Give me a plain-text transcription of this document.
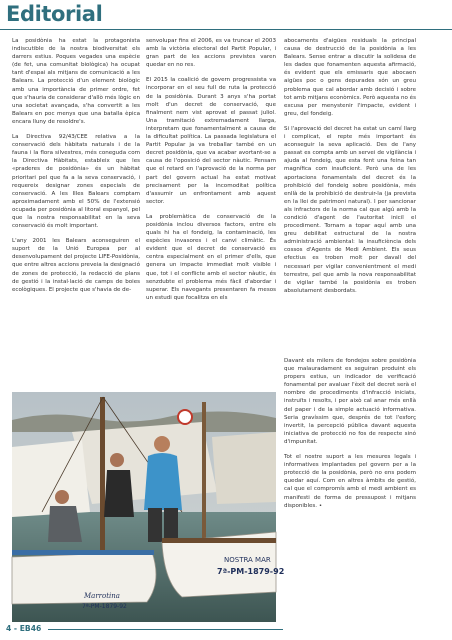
Editorial

La posidònia ha estat la protagonista indiscutible de la nostra biodiversitat els darrers estius. Poques vegades una espècie (de fet, una comunitat biològica) ha ocupat tant d'espai als mitjans de comunicació a les Balears. La protecció d'un element biològic amb una importància de primer ordre, fet que s'hauria de considerar d'allò més lògic en una societat avançada, s'ha convertit a les Balears en poc menys que una batalla èpica encara lluny de resoldre's.

La Directiva 92/43/CEE relativa a la conservació dels hàbitats naturals i de la fauna i la flora silvestres, més coneguda com la Directiva Hàbitats, estableix que les «praderes de posidònia» és un hàbitat prioritari pel que fa a la seva conservació, i requereix designar zones especials de conservació. A les Illes Balears comptam aproximadament amb el 50% de l'extensió ocupada per posidònia al litoral espanyol, pel que la nostra responsabilitat en la seva conservació és molt important.

L'any 2001 les Balears aconseguiren el suport de la Unió Europea per al desenvolupament del projecte LIFE-Posidònia, que entre altres accions preveia la designació de zones de protecció, la redacció de plans de gestió i la instal·lació de camps de boies ecològiques. El projecte que s'havia de de-

senvolupar fins el 2006, es va truncar el 2003 amb la victòria electoral del Partit Popular, i gran part de les accions previstes varen quedar en no res.

El 2015 la coalició de govern progressista va incorporar en el seu full de ruta la protecció de la posidònia. Durant 3 anys s'ha portat molt d'un decret de conservació, que finalment nem vist aprovat el passat juliol. Una tramitació extremadament llarga, interpretam que fonamentalment a causa de la dificultat política. La passada legislatura el Partit Popular ja va treballar també en un decret posidònia, que va acabar avortant-se a causa de l'oposició del sector nàutic. Pensam que el retard en l'aprovació de la norma per part del govern actual ha estat motivat precisament per la incomoditat política d'assumir un enfrontament amb aquest sector.

La problemàtica de conservació de la posidònia inclou diversos factors, entre els quals hi ha el fondeig, la contaminació, les espècies invasores i el canvi climàtic. És evident que el decret de conservació es centra especialment en el primer d'ells, que genera un impacte immediat molt visible i que, tot i el conflicte amb el sector nàutic, és senzdubte el problema més fàcil d'abordar i superar. Els navegants presentaren fa mesos un estudi que focalitza en els

abocaments d'aigües residuals la principal causa de destrucció de la posidònia a les Balears. Sense entrar a discutir la solidesa de les dades que fonamenten aquesta afirmació, és evident que els emissaris que abocaen aigües poc o gens depurades són un greu problema que cal abordar amb decisió i sobre tot amb mitjans econòmics. Però aquesta no és excusa per menystenir l'impacte, evident i greu, del fondeig.

Si l'aprovació del decret ha estat un camí llarg i complicat, el repte més important és aconseguir la seva aplicació. Des de l'any passat es compta amb un servei de vigilància i ajuda al fondeig, que esta fent una feina tan magnífica com insuficient. Però una de les aportacions fonamentals del decret és la prohibició del fondeig sobre posidònia, més enllà de la prohibició de destruir-la (ja prevista en la llei de patrimoni natural). I per sancionar als infractors de la norma cal que algú amb la condició d'agent de l'autoritat iniciï el procediment. Tornam a topar aquí amb una greu debilitat estructural de la nostra administració ambiental: la insuficiència dels cossos d'Agents de Medi Ambient. Els seus efectius es troben molt per davall del necessari per vigilar convenientment el medi terrestre, pel que amb la nova responsabilitat de vigilar també la posidònia es troben absolutament desbordats.

Davant els milers de fondejos sobre posidònia que malauradament es seguiran produint els propers estius, un indicador de verificació fonamental per avaluar l'èxit del decret serà el nombre de procediments d'infracció iniciats, instruïts i resolts, i per això cal anar més enllà del paper i de la simple actuació informativa. Seria gravíssim que, després de tot l'esforç invertit, la percepció pública davant aquesta iniciativa de protecció no fos de respecte sinó d'impunitat.

Tot el nostre suport a les mesures legals i informatives implantades pel govern per a la protecció de la posidònia, però no ens podem quedar aquí. Com en altres àmbits de gestió, cal que el compromís amb el medi ambient es manifesti de forma de pressupost i mitjans disponibles. •

NOSTRA MAR
7ª-PM-1879-92
Marrotina
7ª-PM-1879-92
4 - EB46
